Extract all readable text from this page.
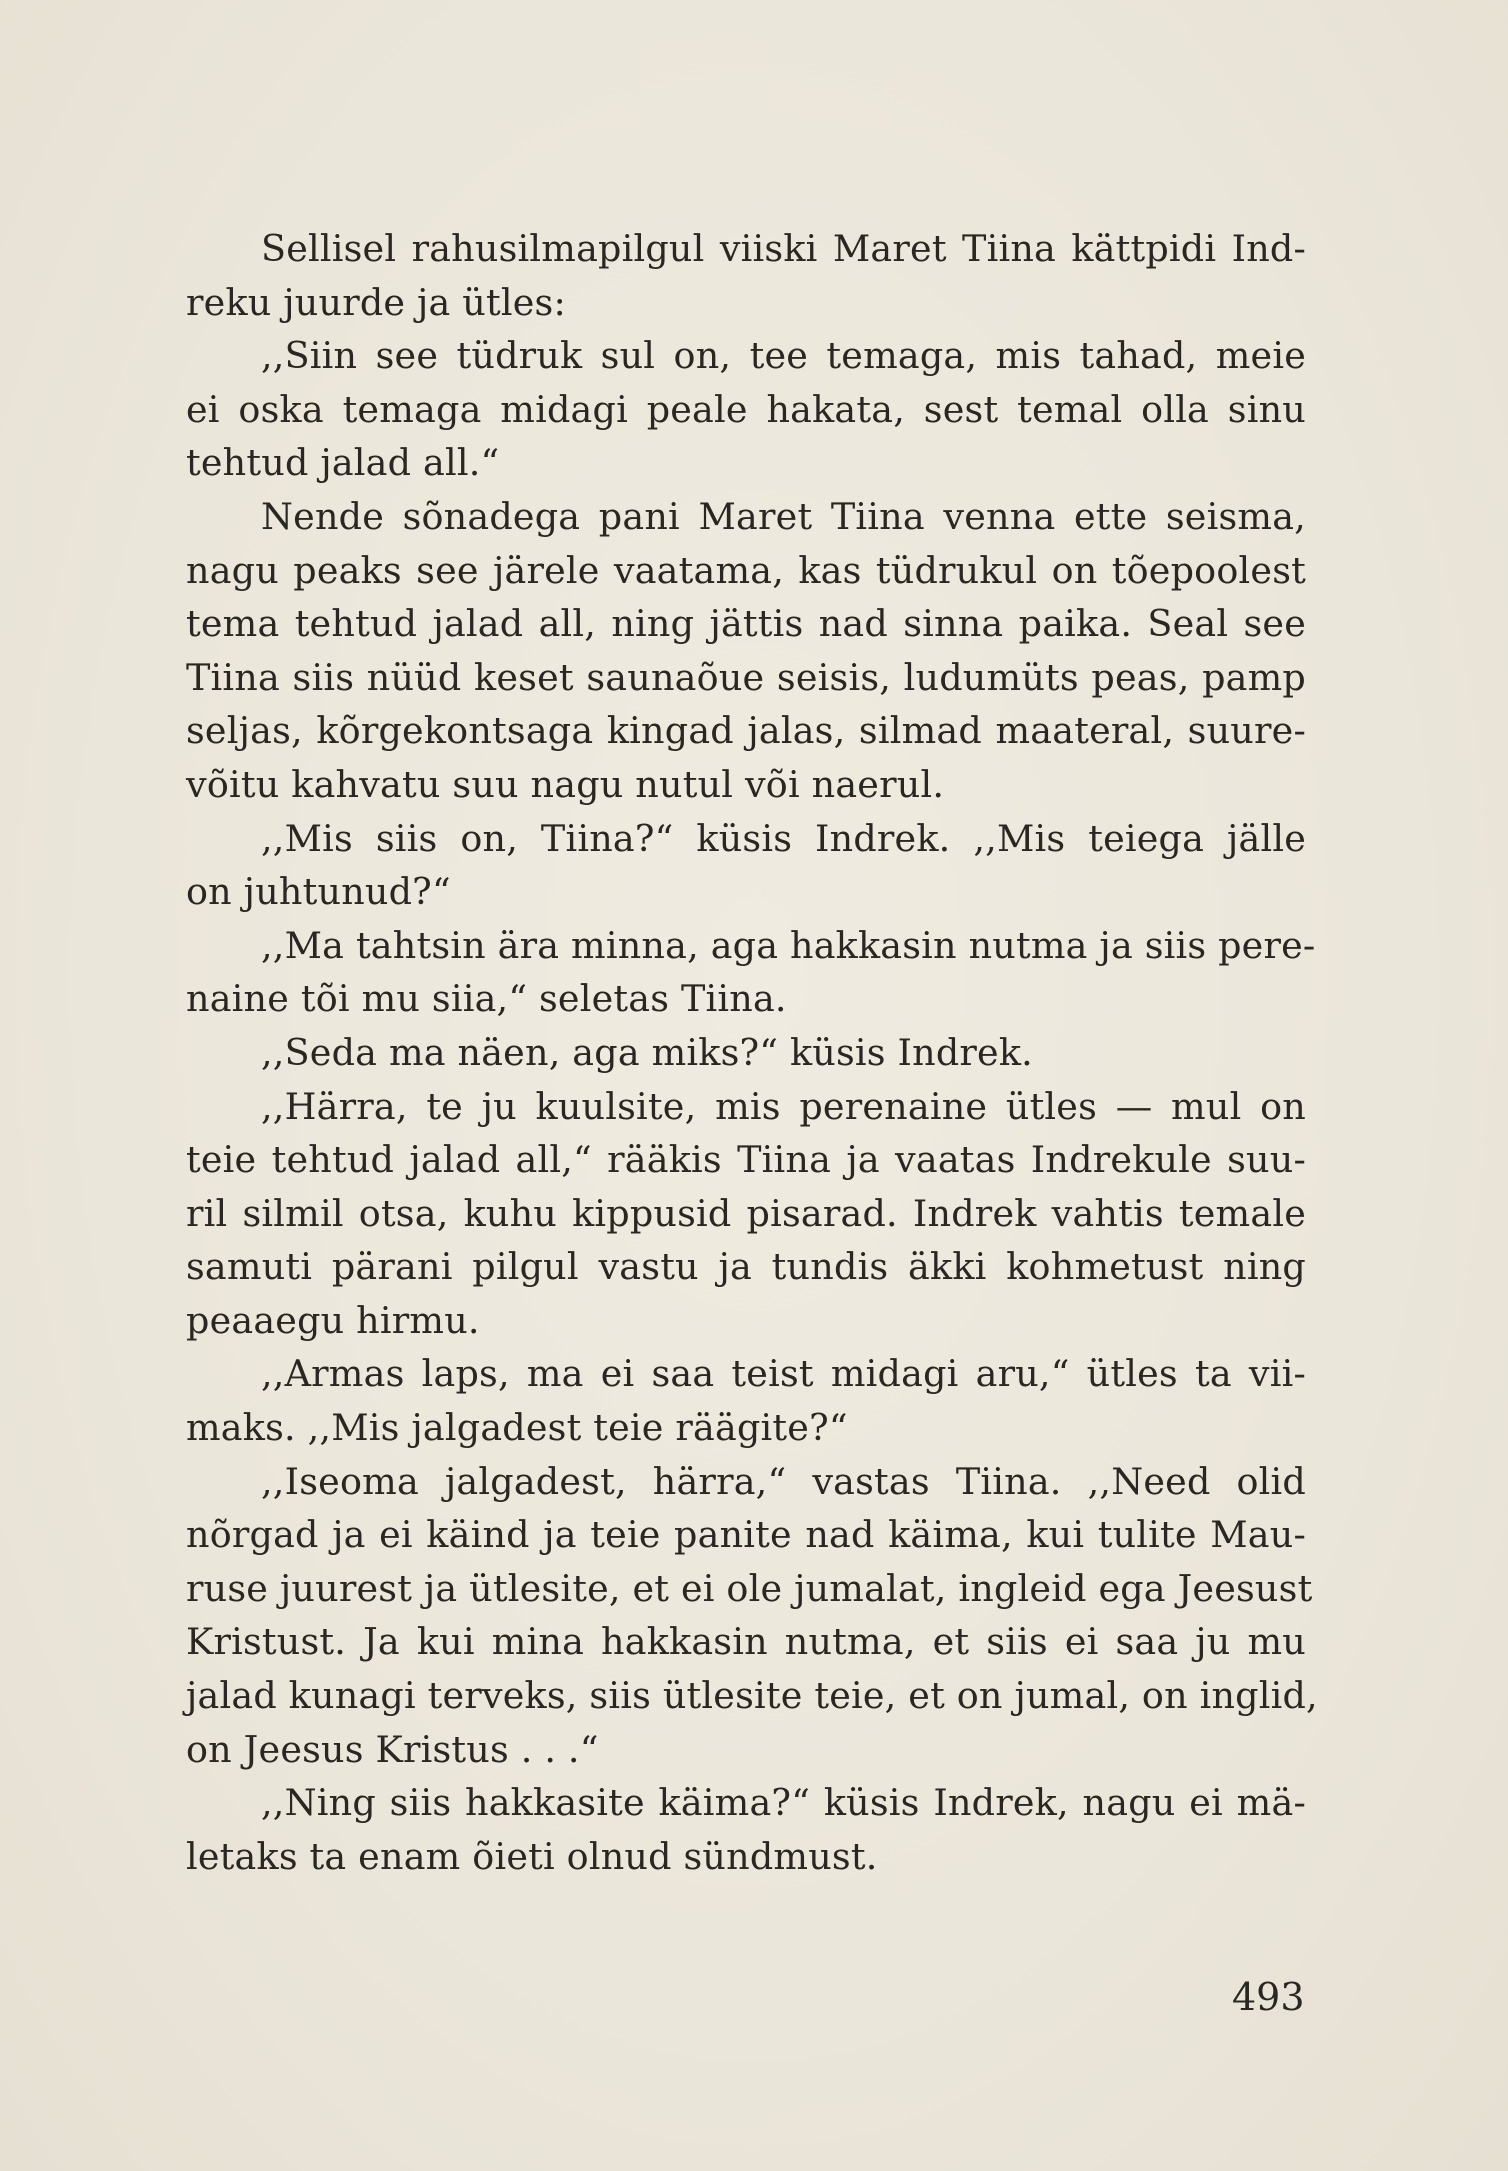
Sellisel rahusilmapilgul viiski Maret Tiina kättpidi Ind-
reku juurde ja ütles:
,,Siin see tüdruk sul on, tee temaga, mis tahad, meie
ei oska temaga midagi peale hakata, sest temal olla sinu
tehtud jalad all.“
Nende sõnadega pani Maret Tiina venna ette seisma,
nagu peaks see järele vaatama, kas tüdrukul on tõepoolest
tema tehtud jalad all, ning jättis nad sinna paika. Seal see
Tiina siis nüüd keset saunaõue seisis, ludumüts peas, pamp
seljas, kõrgekontsaga kingad jalas, silmad maateral, suure-
võitu kahvatu suu nagu nutul või naerul.
,,Mis siis on, Tiina?“ küsis Indrek. ,,Mis teiega jälle
on juhtunud?“
,,Ma tahtsin ära minna, aga hakkasin nutma ja siis pere-
naine tõi mu siia,“ seletas Tiina.
,,Seda ma näen, aga miks?“ küsis Indrek.
,,Härra, te ju kuulsite, mis perenaine ütles — mul on
teie tehtud jalad all,“ rääkis Tiina ja vaatas Indrekule suu-
ril silmil otsa, kuhu kippusid pisarad. Indrek vahtis temale
samuti pärani pilgul vastu ja tundis äkki kohmetust ning
peaaegu hirmu.
,,Armas laps, ma ei saa teist midagi aru,“ ütles ta vii-
maks. ,,Mis jalgadest teie räägite?“
,,Iseoma jalgadest, härra,“ vastas Tiina. ,,Need olid
nõrgad ja ei käind ja teie panite nad käima, kui tulite Mau-
ruse juurest ja ütlesite, et ei ole jumalat, ingleid ega Jeesust
Kristust. Ja kui mina hakkasin nutma, et siis ei saa ju mu
jalad kunagi terveks, siis ütlesite teie, et on jumal, on inglid,
on Jeesus Kristus . . .“
,,Ning siis hakkasite käima?“ küsis Indrek, nagu ei mä-
letaks ta enam õieti olnud sündmust.
493
